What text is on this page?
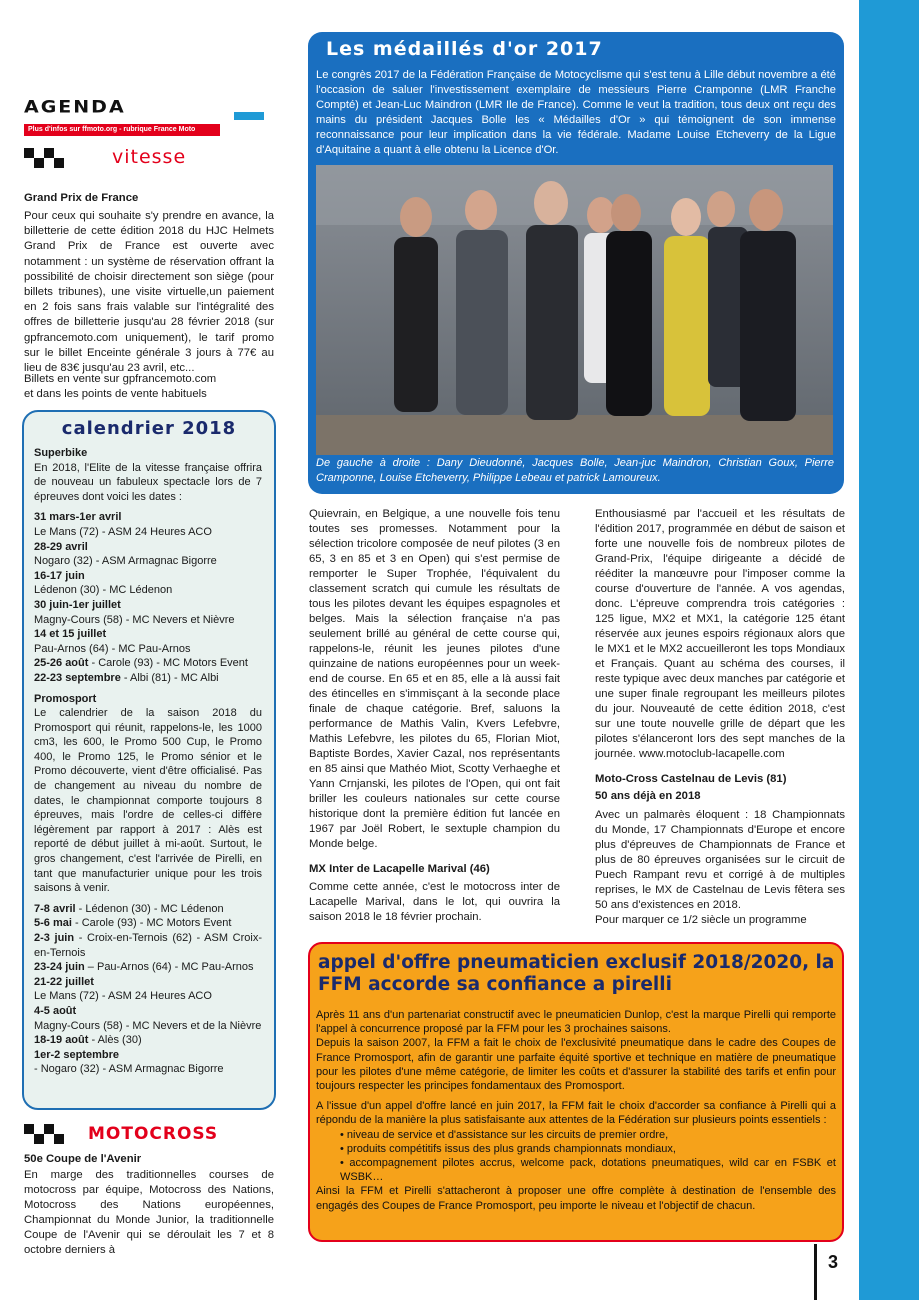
AGENDA
Plus d'infos sur ffmoto.org - rubrique France Moto
vitesse
Grand Prix de France
Pour ceux qui souhaite s'y prendre en avance, la billetterie de cette édition 2018 du HJC Helmets Grand Prix de France est ouverte avec notamment : un système de réservation offrant la possibilité de choisir directement son siège (pour billets tribunes), une visite virtuelle,un paiement en 2 fois sans frais valable sur l'intégralité des offres de billetterie jusqu'au 28 février 2018 (sur gpfrancemoto.com uniquement), le tarif promo sur le billet Enceinte générale 3 jours à 77€ au lieu de 83€ jusqu'au 23 avril, etc...
Billets en vente sur gpfrancemoto.com
et dans les points de vente habituels
calendrier 2018

Superbike

En 2018, l'Elite de la vitesse française offrira de nouveau un fabuleux spectacle lors de 7 épreuves dont voici les dates :

31 mars-1er avril

Le Mans (72) - ASM 24 Heures ACO

28-29 avril

Nogaro (32) - ASM Armagnac Bigorre

16-17 juin

Lédenon (30) - MC Lédenon

30 juin-1er juillet

Magny-Cours (58) - MC Nevers et Nièvre

14 et 15 juillet

Pau-Arnos (64) - MC Pau-Arnos

25-26 août - Carole (93) - MC Motors Event

22-23 septembre - Albi (81) - MC Albi

Promosport

Le calendrier de la saison 2018 du Promosport qui réunit, rappelons-le, les 1000 cm3, les 600, le Promo 500 Cup, le Promo 400, le Promo 125, le Promo sénior et le Promo découverte, vient d'être officialisé. Pas de changement au niveau du nombre de dates, le championnat comporte toujours 8 épreuves, mais l'ordre de celles-ci diffère légèrement par rapport à 2017 : Alès est reporté de début juillet à mi-août. Surtout, le gros changement, c'est l'arrivée de Pirelli, en tant que manufacturier unique pour les trois saisons à venir.

7-8 avril - Lédenon (30) - MC Lédenon

5-6 mai - Carole (93) - MC Motors Event

2-3 juin - Croix-en-Ternois (62) - ASM Croix-en-Ternois

23-24 juin – Pau-Arnos (64) - MC Pau-Arnos

21-22 juillet

Le Mans (72) - ASM 24 Heures ACO

4-5 août

Magny-Cours (58) - MC Nevers et de la Nièvre

18-19 août - Alès (30)

1er-2 septembre

- Nogaro (32) - ASM Armagnac Bigorre

MOTOCROSS
50e Coupe de l'Avenir
En marge des traditionnelles courses de motocross par équipe, Motocross des Nations, Motocross des Nations européennes, Championnat du Monde Junior, la traditionnelle Coupe de l'Avenir qui se déroulait les 7 et 8 octobre derniers à
Quievrain, en Belgique, a une nouvelle fois tenu toutes ses promesses. Notamment pour la sélection tricolore composée de neuf pilotes (3 en 65, 3 en 85 et 3 en Open) qui s'est permise de remporter le Super Trophée, l'équivalent du classement scratch qui cumule les résultats de tous les pilotes devant les équipes espagnoles et belges. Mais la sélection française n'a pas seulement brillé au général de cette course qui, rappelons-le, réunit les jeunes pilotes d'une quinzaine de nations européennes pour un week-end de course. En 65 et en 85, elle a là aussi fait des étincelles en s'immisçant à la seconde place finale de chaque catégorie. Bref, saluons la performance de Mathis Valin, Kvers Lefebvre, Mathis Lefebvre, les pilotes du 65, Florian Miot, Baptiste Bordes, Xavier Cazal, nos représentants en 85 ainsi que Mathéo Miot, Scotty Verhaeghe et Yann Crnjanski, les pilotes de l'Open, qui ont fait briller les couleurs nationales sur cette course historique dont la première édition fut lancée en 1967 par Joël Robert, le sextuple champion du Monde belge.
MX Inter de Lacapelle Marival (46)
Comme cette année, c'est le motocross inter de Lacapelle Marival, dans le lot, qui ouvrira la saison 2018 le 18 février prochain.
Enthousiasmé par l'accueil et les résultats de l'édition 2017, programmée en début de saison et forte une nouvelle fois de nombreux pilotes de Grand-Prix, l'équipe dirigeante a décidé de rééditer la manœuvre pour l'imposer comme la course d'ouverture de l'année. A vos agendas, donc. L'épreuve comprendra trois catégories : 125 ligue, MX2 et MX1, la catégorie 125 étant réservée aux jeunes espoirs régionaux alors que le MX1 et le MX2 accueilleront les tops Mondiaux et Français. Quant au schéma des courses, il reste typique avec deux manches par catégorie et une super finale regroupant les meilleurs pilotes du jour. Nouveauté de cette édition 2018, c'est sur une toute nouvelle grille de départ que les pilotes s'élanceront lors des sept manches de la journée. www.motoclub-lacapelle.com
Moto-Cross Castelnau de Levis (81)
50 ans déjà en 2018
Avec un palmarès éloquent : 18 Championnats du Monde, 17 Championnats d'Europe et encore plus d'épreuves de Championnats de France et plus de 80 épreuves organisées sur le circuit de Puech Rampant revu et corrigé à de multiples reprises, le MX de Castelnau de Levis fêtera ses 50 ans d'existences en 2018.
Pour marquer ce 1/2 siècle un programme
Les médaillés d'or 2017
Le congrès 2017 de la Fédération Française de Motocyclisme qui s'est tenu à Lille début novembre a été l'occasion de saluer l'investissement exemplaire de messieurs Pierre Cramponne (LMR Franche Compté) et Jean-Luc Maindron (LMR Ile de France). Comme le veut la tradition, tous deux ont reçu des mains du président Jacques Bolle les « Médailles d'Or » qui témoignent de son immense reconnaissance pour leur implication dans la vie fédérale. Madame Louise Etcheverry de la Ligue d'Aquitaine a quant à elle obtenu la Licence d'Or.
De gauche à droite : Dany Dieudonné, Jacques Bolle, Jean-juc Maindron, Christian Goux, Pierre Cramponne, Louise Etcheverry, Philippe Lebeau et patrick Lamoureux.
appel d'offre pneumaticien exclusif 2018/2020, la FFM accorde sa confiance a pirelli

Après 11 ans d'un partenariat constructif avec le pneumaticien Dunlop, c'est la marque Pirelli qui remporte l'appel à concurrence proposé par la FFM pour les 3 prochaines saisons.

Depuis la saison 2007, la FFM a fait le choix de l'exclusivité pneumatique dans le cadre des Coupes de France Promosport, afin de garantir une parfaite équité sportive et technique en matière de pneumatique pour les pilotes d'une même catégorie, de limiter les coûts et d'assurer la stabilité des tarifs et enfin pour toujours respecter les principes fondamentaux des Promosport.

A l'issue d'un appel d'offre lancé en juin 2017, la FFM fait le choix d'accorder sa confiance à Pirelli qui a répondu de la manière la plus satisfaisante aux attentes de la Fédération sur plusieurs points essentiels :

• niveau de service et d'assistance sur les circuits de premier ordre,
• produits compétitifs issus des plus grands championnats mondiaux,
• accompagnement pilotes accrus, welcome pack, dotations pneumatiques, wild car en FSBK et WSBK…

Ainsi la FFM et Pirelli s'attacheront à proposer une offre complète à destination de l'ensemble des engagés des Coupes de France Promosport, peu importe le niveau et l'objectif de chacun.

3
